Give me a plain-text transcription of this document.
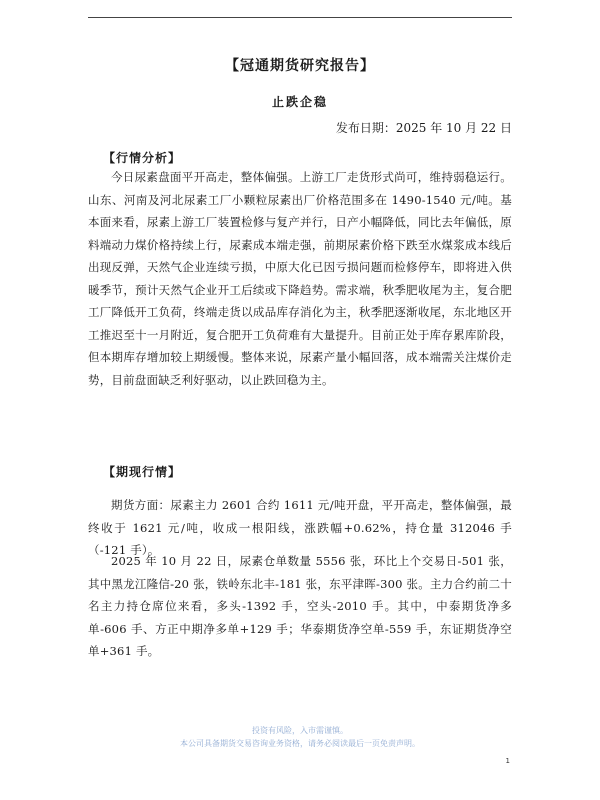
【冠通期货研究报告】
止跌企稳
发布日期：2025 年 10 月 22 日
【行情分析】

今日尿素盘面平开高走，整体偏强。上游工厂走货形式尚可，维持弱稳运行。山东、河南及河北尿素工厂小颗粒尿素出厂价格范围多在 1490-1540 元/吨。基本面来看，尿素上游工厂装置检修与复产并行，日产小幅降低，同比去年偏低，原料端动力煤价格持续上行，尿素成本端走强，前期尿素价格下跌至水煤浆成本线后出现反弹，天然气企业连续亏损，中原大化已因亏损问题而检修停车，即将进入供暖季节，预计天然气企业开工后续或下降趋势。需求端，秋季肥收尾为主，复合肥工厂降低开工负荷，终端走货以成品库存消化为主，秋季肥逐渐收尾，东北地区开工推迟至十一月附近，复合肥开工负荷难有大量提升。目前正处于库存累库阶段，但本期库存增加较上期缓慢。整体来说，尿素产量小幅回落，成本端需关注煤价走势，目前盘面缺乏利好驱动，以止跌回稳为主。

【期现行情】

期货方面：尿素主力 2601 合约 1611 元/吨开盘，平开高走，整体偏强，最终收于 1621 元/吨，收成一根阳线，涨跌幅+0.62%，持仓量 312046 手（-121 手）。

2025 年 10 月 22 日，尿素仓单数量 5556 张，环比上个交易日-501 张，其中黑龙江隆信-20 张，铁岭东北丰-181 张，东平津晖-300 张。主力合约前二十名主力持仓席位来看，多头-1392 手，空头-2010 手。其中，中泰期货净多单-606 手、方正中期净多单+129 手；华泰期货净空单-559 手，东证期货净空单+361 手。

投资有风险，入市需谨慎。
本公司具备期货交易咨询业务资格，请务必阅读最后一页免责声明。
1
